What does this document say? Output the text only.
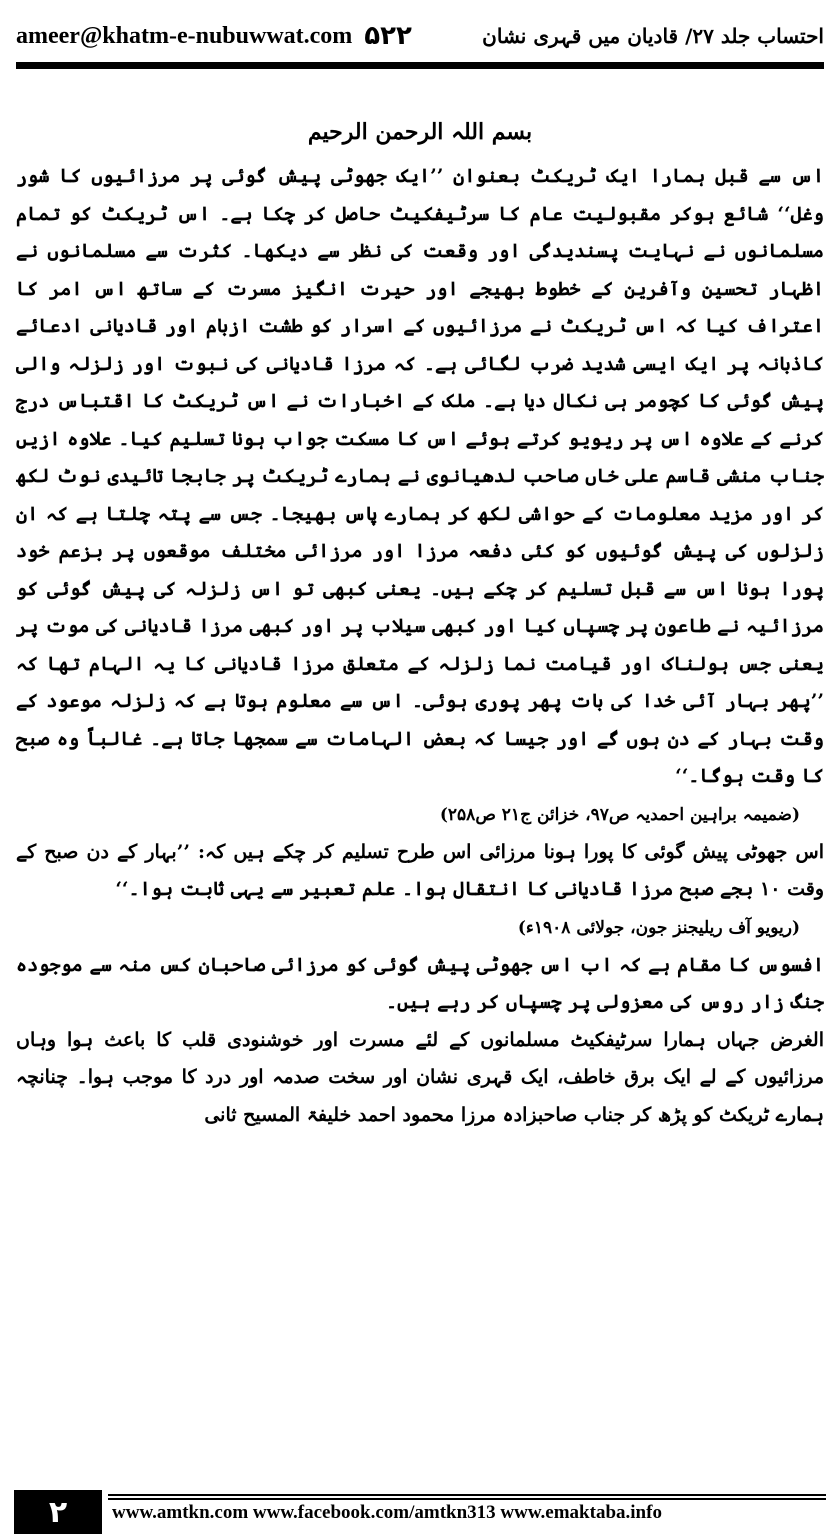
ameer@khatm-e-nubuwwat.com ۵۲۲	احتساب جلد ۲۷/ قادیان میں قہری نشان
بسم اللہ الرحمن الرحیم

اس سے قبل ہمارا ایک ٹریکٹ بعنوان ’’ایک جھوٹی پیش گوئی پر مرزائیوں کا شور وغل‘‘ شائع ہوکر مقبولیت عام کا سرٹیفکیٹ حاصل کر چکا ہے۔ اس ٹریکٹ کو تمام مسلمانوں نے نہایت پسندیدگی اور وقعت کی نظر سے دیکھا۔ کثرت سے مسلمانوں نے اظہار تحسین وآفرین کے خطوط بھیجے اور حیرت انگیز مسرت کے ساتھ اس امر کا اعتراف کیا کہ اس ٹریکٹ نے مرزائیوں کے اسرار کو طشت ازبام اور قادیانی ادعائے کاذبانہ پر ایک ایسی شدید ضرب لگائی ہے۔ کہ مرزا قادیانی کی نبوت اور زلزلہ والی پیش گوئی کا کچومر ہی نکال دیا ہے۔ ملک کے اخبارات نے اس ٹریکٹ کا اقتباس درج کرنے کے علاوہ اس پر ریویو کرتے ہوئے اس کا مسکت جواب ہونا تسلیم کیا۔ علاوہ ازیں جناب منشی قاسم علی خاں صاحب لدھیانوی نے ہمارے ٹریکٹ پر جابجا تائیدی نوٹ لکھ کر اور مزید معلومات کے حواشی لکھ کر ہمارے پاس بھیجا۔ جس سے پتہ چلتا ہے کہ ان زلزلوں کی پیش گوئیوں کو کئی دفعہ مرزا اور مرزائی مختلف موقعوں پر بزعم خود پورا ہونا اس سے قبل تسلیم کر چکے ہیں۔ یعنی کبھی تو اس زلزلہ کی پیش گوئی کو مرزائیہ نے طاعون پر چسپاں کیا اور کبھی سیلاب پر اور کبھی مرزا قادیانی کی موت پر یعنی جس ہولناک اور قیامت نما زلزلہ کے متعلق مرزا قادیانی کا یہ الہام تھا کہ ’’پھر بہار آئی خدا کی بات پھر پوری ہوئی۔ اس سے معلوم ہوتا ہے کہ زلزلہ موعود کے وقت بہار کے دن ہوں گے اور جیسا کہ بعض الہامات سے سمجھا جاتا ہے۔ غالباً وہ صبح کا وقت ہوگا۔‘‘

(ضمیمہ براہین احمدیہ ص۹۷، خزائن ج۲۱ ص۲۵۸)

اس جھوٹی پیش گوئی کا پورا ہونا مرزائی اس طرح تسلیم کر چکے ہیں کہ: ’’بہار کے دن صبح کے وقت ۱۰ بجے صبح مرزا قادیانی کا انتقال ہوا۔ علم تعبیر سے یہی ثابت ہوا۔‘‘

(ریویو آف ریلیجنز جون، جولائی ۱۹۰۸ء)

افسوس کا مقام ہے کہ اب اس جھوٹی پیش گوئی کو مرزائی صاحبان کس منہ سے موجودہ جنگ زار روس کی معزولی پر چسپاں کر رہے ہیں۔

الغرض جہاں ہمارا سرٹیفکیٹ مسلمانوں کے لئے مسرت اور خوشنودی قلب کا باعث ہوا وہاں مرزائیوں کے لے ایک برق خاطف، ایک قہری نشان اور سخت صدمہ اور درد کا موجب ہوا۔ چنانچہ ہمارے ٹریکٹ کو پڑھ کر جناب صاحبزادہ مرزا محمود احمد خلیفۃ المسیح ثانی

۲	www.amtkn.com www.facebook.com/amtkn313 www.emaktaba.info
